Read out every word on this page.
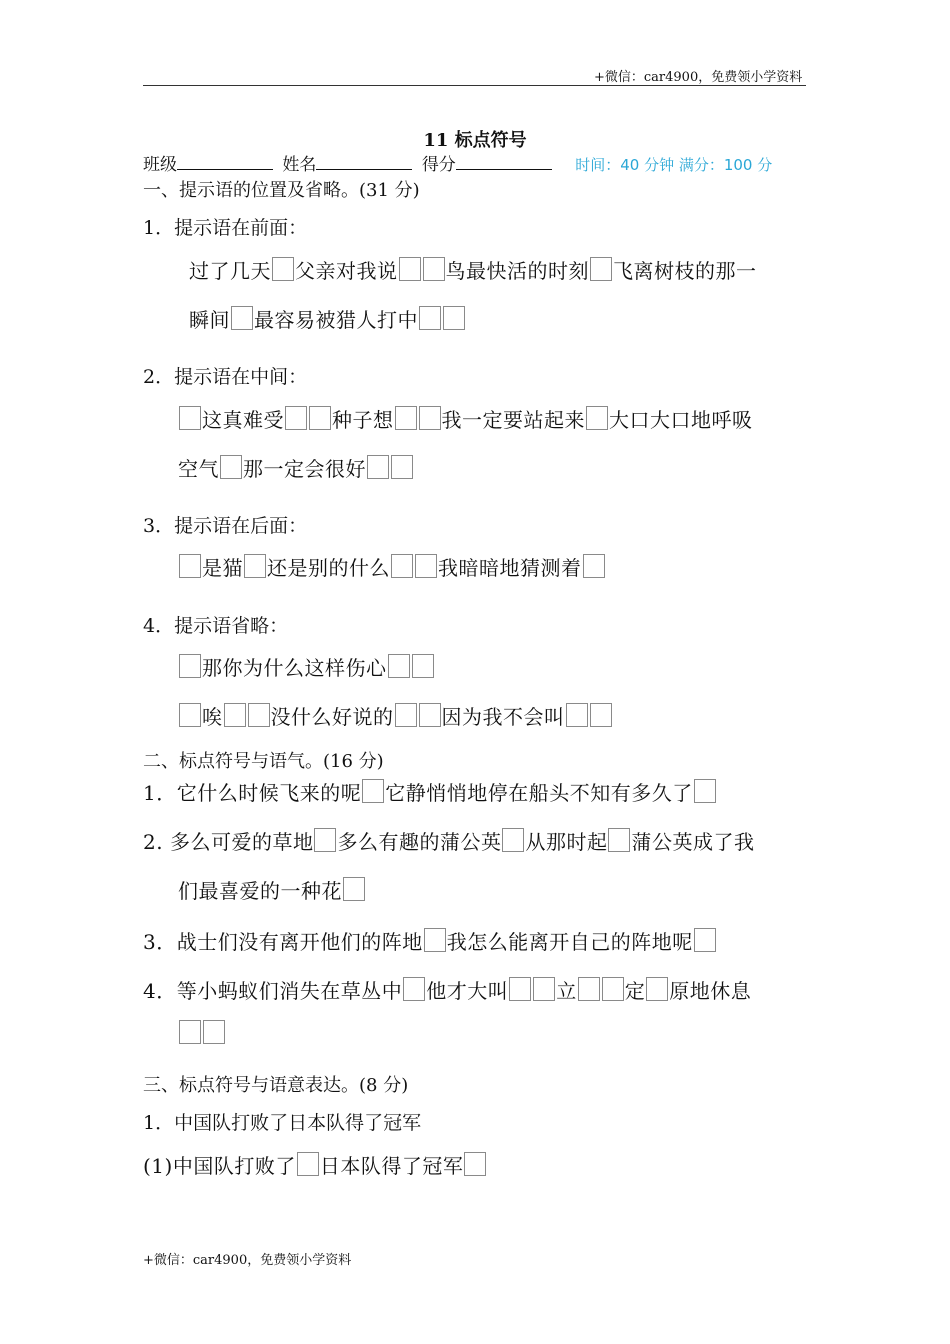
+微信：car4900，免费领小学资料
11 标点符号
班级	姓名	得分	时间：40 分钟 满分：100 分
一、提示语的位置及省略。(31 分)
1．提示语在前面：
过了几天 父亲对我说 鸟最快活的时刻 飞离树枝的那一
瞬间 最容易被猎人打中
2．提示语在中间：
这真难受 种子想 我一定要站起来 大口大口地呼吸
空气 那一定会很好
3．提示语在后面：
是猫 还是别的什么 我暗暗地猜测着
4．提示语省略：
那你为什么这样伤心
唉 没什么好说的 因为我不会叫
二、标点符号与语气。(16 分)
1．它什么时候飞来的呢 它静悄悄地停在船头不知有多久了
2. 多么可爱的草地 多么有趣的蒲公英 从那时起 蒲公英成了我
们最喜爱的一种花
3．战士们没有离开他们的阵地 我怎么能离开自己的阵地呢
4．等小蚂蚁们消失在草丛中 他才大叫 立 定 原地休息
三、标点符号与语意表达。(8 分)
1．中国队打败了日本队得了冠军
(1)中国队打败了 日本队得了冠军
+微信：car4900，免费领小学资料
